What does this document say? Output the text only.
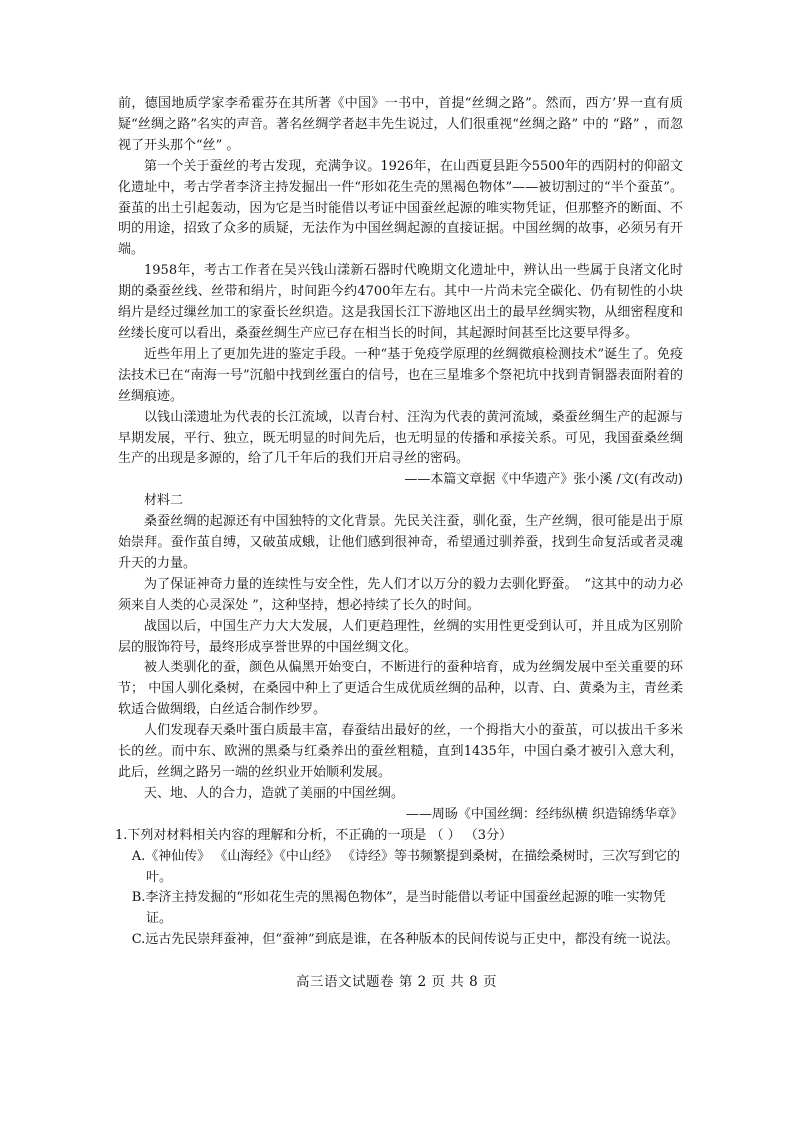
前，德国地质学家李希霍芬在其所著《中国》一书中，首提“丝绸之路”。然而，西方’界一直有质疑“丝绸之路”名实的声音。著名丝绸学者赵丰先生说过，人们很重视“丝绸之路” 中的 “路” ，而忽视了开头那个“丝” 。

第一个关于蚕丝的考古发现，充满争议。1926年，在山西夏县距今5500年的西阴村的仰韶文化遗址中，考古学者李济主持发掘出一件“形如花生壳的黑褐色物体”——被切割过的“半个蚕茧”。蚕茧的出土引起轰动，因为它是当时能借以考证中国蚕丝起源的唯实物凭证，但那整齐的断面、不明的用途，招致了众多的质疑，无法作为中国丝绸起源的直接证据。中国丝绸的故事，必须另有开端。

1958年，考古工作者在吴兴钱山漾新石器时代晚期文化遗址中，辨认出一些属于良渚文化时期的桑蚕丝线、丝带和绢片，时间距今约4700年左右。其中一片尚未完全碳化、仍有韧性的小块绢片是经过缫丝加工的家蚕长丝织造。这是我国长江下游地区出土的最早丝绸实物，从细密程度和丝缕长度可以看出，桑蚕丝绸生产应已存在相当长的时间，其起源时间甚至比这要早得多。

近些年用上了更加先进的鉴定手段。一种“基于免疫学原理的丝绸微痕检测技术”诞生了。免疫法技术已在“南海一号”沉船中找到丝蛋白的信号，也在三星堆多个祭祀坑中找到青铜器表面附着的丝绸痕迹。

以钱山漾遗址为代表的长江流域，以青台村、汪沟为代表的黄河流域，桑蚕丝绸生产的起源与早期发展，平行、独立，既无明显的时间先后，也无明显的传播和承接关系。可见，我国蚕桑丝绸生产的出现是多源的，给了几千年后的我们开启寻丝的密码。

——本篇文章据《中华遗产》张小溪 /文(有改动)

材料二

桑蚕丝绸的起源还有中国独特的文化背景。先民关注蚕，驯化蚕，生产丝绸，很可能是出于原始崇拜。蚕作茧自缚，又破茧成蛾，让他们感到很神奇，希望通过驯养蚕，找到生命复活或者灵魂升天的力量。

为了保证神奇力量的连续性与安全性，先人们才以万分的毅力去驯化野蚕。　“这其中的动力必须来自人类的心灵深处 ”，这种坚持，想必持续了长久的时间。

战国以后，中国生产力大大发展，人们更趋理性，丝绸的实用性更受到认可，并且成为区别阶层的服饰符号，最终形成享誉世界的中国丝绸文化。

被人类驯化的蚕，颜色从偏黑开始变白，不断进行的蚕种培育，成为丝绸发展中至关重要的环节； 中国人驯化桑树，在桑园中种上了更适合生成优质丝绸的品种，以青、白、黄桑为主，青丝柔软适合做绸缎，白丝适合制作纱罗。

人们发现春天桑叶蛋白质最丰富，春蚕结出最好的丝，一个拇指大小的蚕茧，可以拔出千多米长的丝。而中东、欧洲的黑桑与红桑养出的蚕丝粗糙，直到1435年，中国白桑才被引入意大利，此后，丝绸之路另一端的丝织业开始顺利发展。

天、地、人的合力，造就了美丽的中国丝绸。

——周旸《中国丝绸：经纬纵横 织造锦绣华章》

1.下列对材料相关内容的理解和分析，不正确的一项是 （ ） （3分）

A.《神仙传》 《山海经》《中山经》 《诗经》等书频繁提到桑树，在描绘桑树时，三次写到它的叶。

B.李济主持发掘的“形如花生壳的黑褐色物体”，是当时能借以考证中国蚕丝起源的唯一实物凭证。

C.远古先民崇拜蚕神，但“蚕神”到底是谁，在各种版本的民间传说与正史中，都没有统一说法。

高三语文试题卷 第 2 页 共 8 页
